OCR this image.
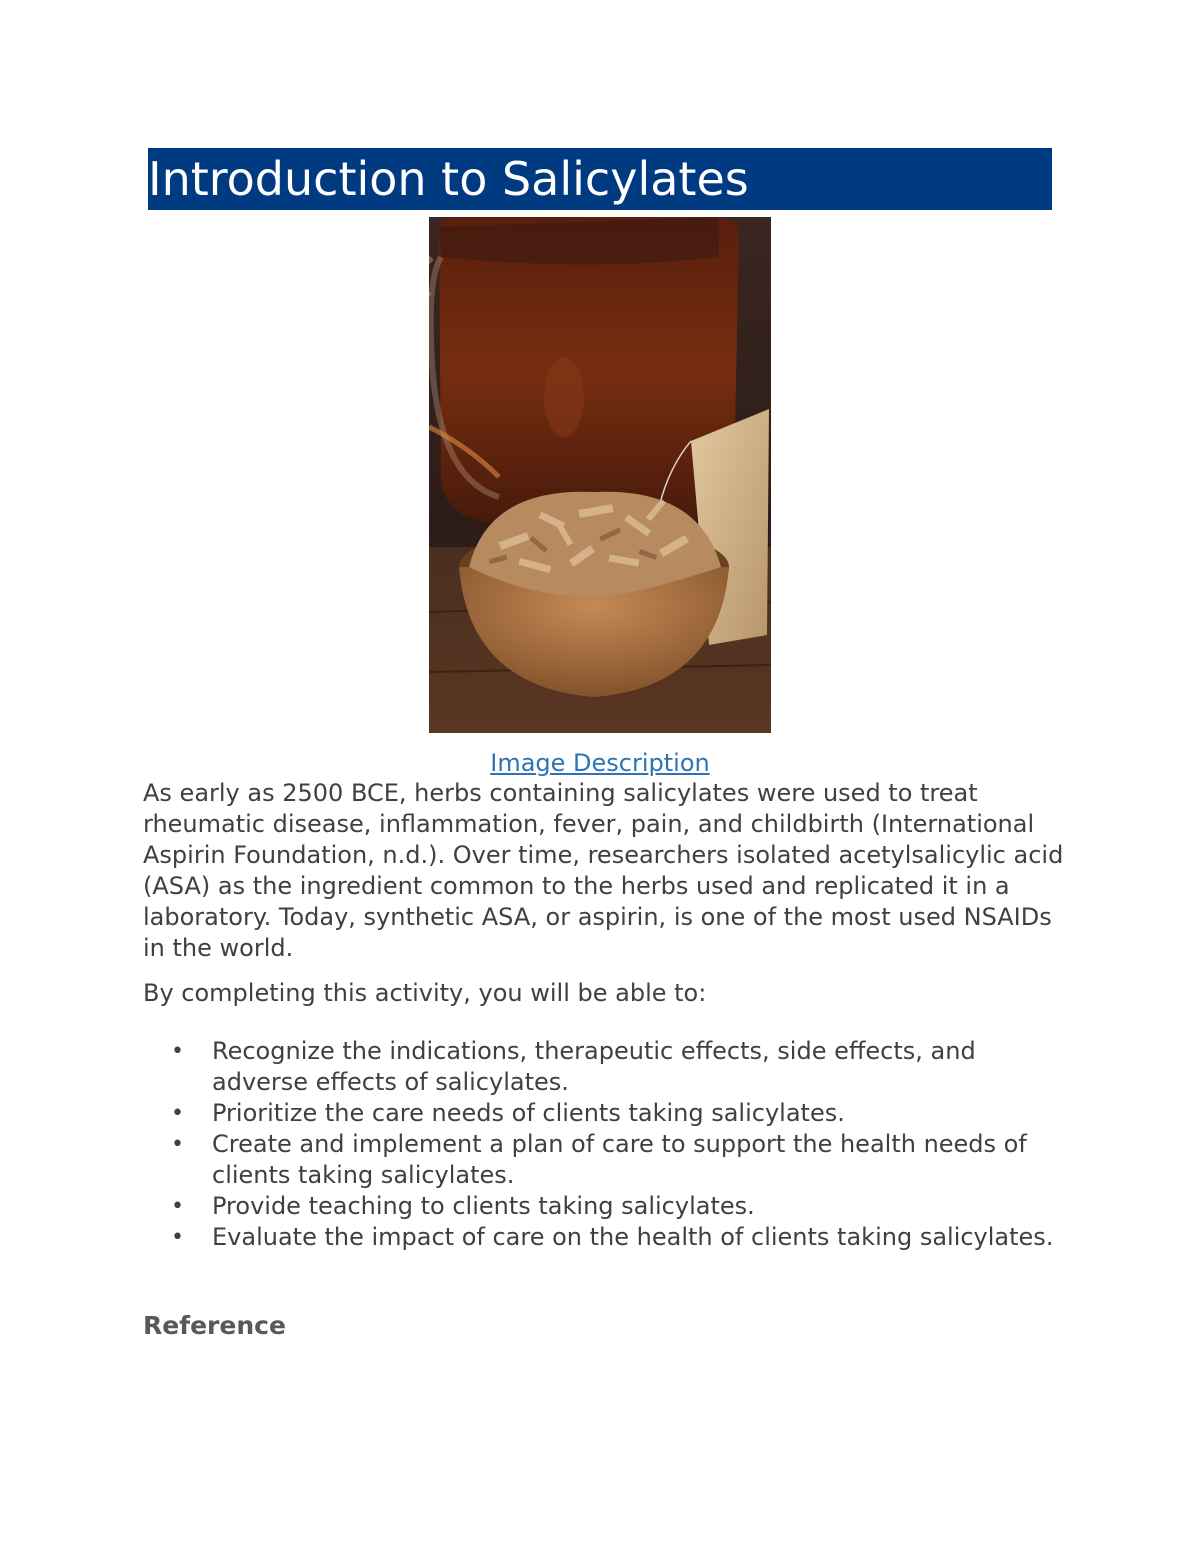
Introduction to Salicylates
Image Description

As early as 2500 BCE, herbs containing salicylates were used to treat rheumatic disease, inflammation, fever, pain, and childbirth (International Aspirin Foundation, n.d.). Over time, researchers isolated acetylsalicylic acid (ASA) as the ingredient common to the herbs used and replicated it in a laboratory. Today, synthetic ASA, or aspirin, is one of the most used NSAIDs in the world.

By completing this activity, you will be able to:

• Recognize the indications, therapeutic effects, side effects, and adverse effects of salicylates.
• Prioritize the care needs of clients taking salicylates.
• Create and implement a plan of care to support the health needs of clients taking salicylates.
• Provide teaching to clients taking salicylates.
• Evaluate the impact of care on the health of clients taking salicylates.
Reference
